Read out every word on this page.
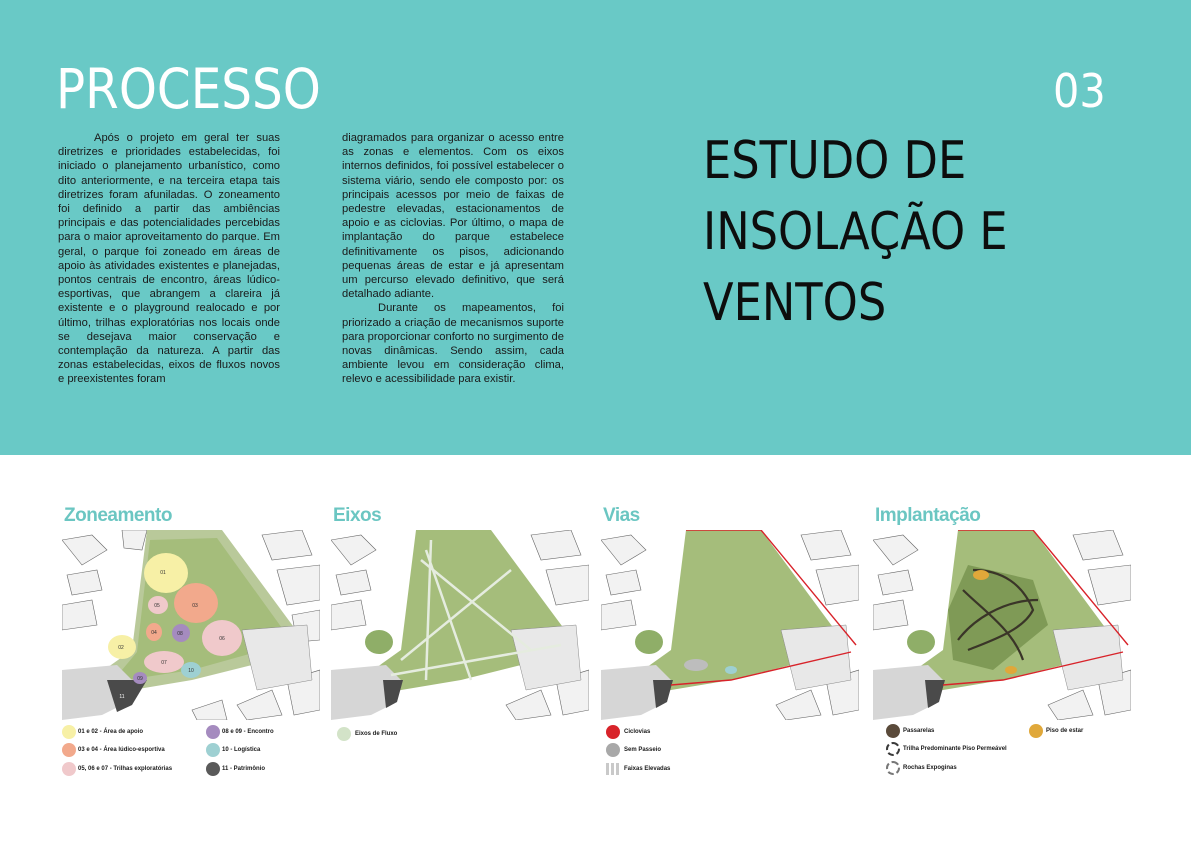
PROCESSO	03
ESTUDO DE
INSOLAÇÃO E
VENTOS

Após o projeto em geral ter suas diretrizes e prioridades estabelecidas, foi iniciado o planejamento urbanístico, como dito anteriormente, e na terceira etapa tais diretrizes foram afuniladas. O zoneamento foi definido a partir das ambiências principais e das potencialidades percebidas para o maior aproveitamento do parque. Em geral, o parque foi zoneado em áreas de apoio às atividades existentes e planejadas, pontos centrais de encontro, áreas lúdico-esportivas, que abrangem a clareira já existente e o playground realocado e por último, trilhas exploratórias nos locais onde se desejava maior conservação e contemplação da natureza. A partir das zonas estabelecidas, eixos de fluxos novos e preexistentes foram

diagramados para organizar o acesso entre as zonas e elementos. Com os eixos internos definidos, foi possível estabelecer o sistema viário, sendo ele composto por: os principais acessos por meio de faixas de pedestre elevadas, estacionamentos de apoio e as ciclovias. Por último, o mapa de implantação do parque estabelece definitivamente os pisos, adicionando pequenas áreas de estar e já apresentam um percurso elevado definitivo, que será detalhado adiante.

Durante os mapeamentos, foi priorizado a criação de mecanismos suporte para proporcionar conforto no surgimento de novas dinâmicas. Sendo assim, cada ambiente levou em consideração clima, relevo e acessibilidade para existir.

Zoneamento
01
02
03
04
05
06
07
08
09
10
11
01 e 02 - Área de apoio
03 e 04 - Área lúdico-esportiva
05, 06 e 07 - Trilhas exploratórias
08 e 09 - Encontro
10 - Logística
11 - Patrimônio
Eixos
Eixos de Fluxo
Vias
Ciclovias
Sem Passeio
Faixas Elevadas
Implantação
Passarelas	Piso de estar
Trilha Predominante Piso Permeável
Rochas Expoginas
